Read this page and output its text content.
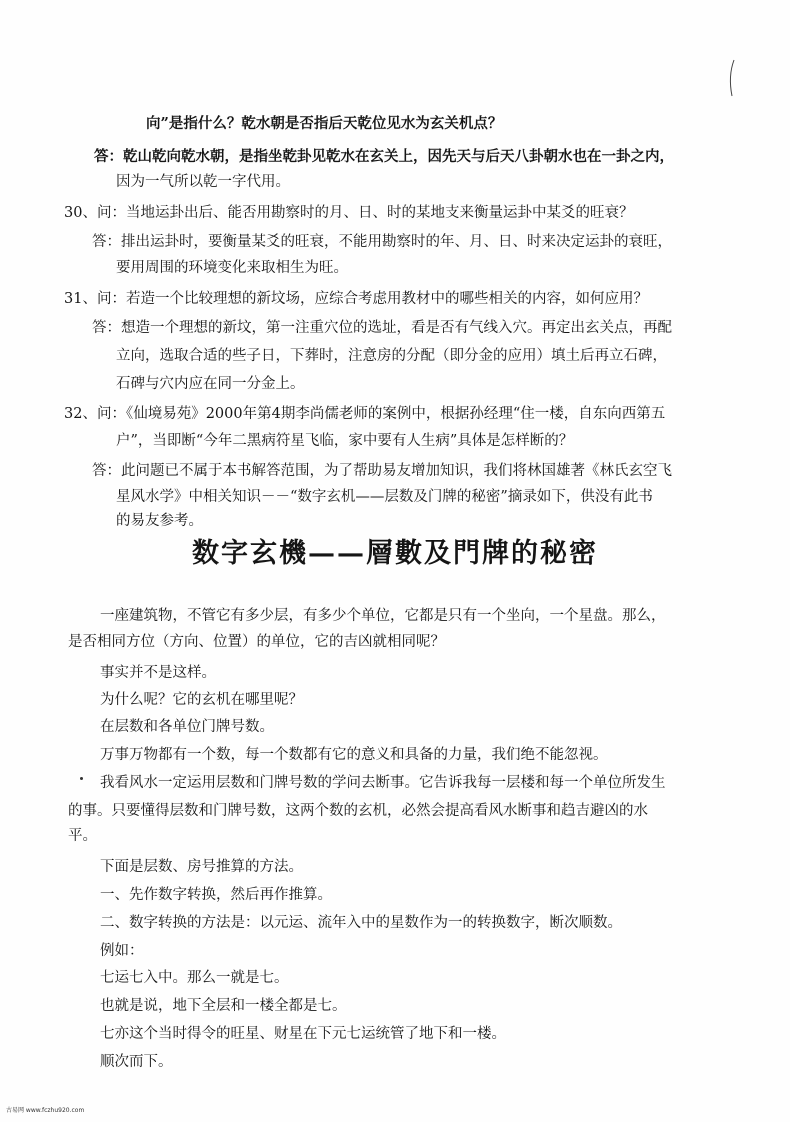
向”是指什么？乾水朝是否指后天乾位见水为玄关机点？
答：乾山乾向乾水朝，是指坐乾卦见乾水在玄关上，因先天与后天八卦朝水也在一卦之内，
因为一气所以乾一字代用。
30、问：当地运卦出后、能否用勘察时的月、日、时的某地支来衡量运卦中某爻的旺衰？
答：排出运卦时，要衡量某爻的旺衰，不能用勘察时的年、月、日、时来决定运卦的衰旺，
要用周围的环境变化来取相生为旺。
31、问：若造一个比较理想的新坟场，应综合考虑用教材中的哪些相关的内容，如何应用？
答：想造一个理想的新坟，第一注重穴位的选址，看是否有气线入穴。再定出玄关点，再配
立向，选取合适的些子日，下葬时，注意房的分配（即分金的应用）填土后再立石碑，
石碑与穴内应在同一分金上。
32、问：《仙境易苑》2000年第4期李尚儒老师的案例中，根据孙经理“住一楼，自东向西第五
户”，当即断“今年二黑病符星飞临，家中要有人生病”具体是怎样断的？
答：此问题已不属于本书解答范围，为了帮助易友增加知识，我们将林国雄著《林氏玄空飞
星风水学》中相关知识－－“数字玄机——层数及门牌的秘密”摘录如下，供没有此书
的易友参考。
数字玄機——層數及門牌的秘密
一座建筑物，不管它有多少层，有多少个单位，它都是只有一个坐向，一个星盘。那么，
是否相同方位（方向、位置）的单位，它的吉凶就相同呢？
事实并不是这样。
为什么呢？它的玄机在哪里呢？
在层数和各单位门牌号数。
万事万物都有一个数，每一个数都有它的意义和具备的力量，我们绝不能忽视。
我看风水一定运用层数和门牌号数的学问去断事。它告诉我每一层楼和每一个单位所发生
的事。只要懂得层数和门牌号数，这两个数的玄机，必然会提高看风水断事和趋吉避凶的水
平。
下面是层数、房号推算的方法。
一、先作数字转换，然后再作推算。
二、数字转换的方法是：以元运、流年入中的星数作为一的转换数字，断次顺数。
例如：
七运七入中。那么一就是七。
也就是说，地下全层和一楼全都是七。
七亦这个当时得令的旺星、财星在下元七运统管了地下和一楼。
顺次而下。
古易网 www.fczhu920.com
